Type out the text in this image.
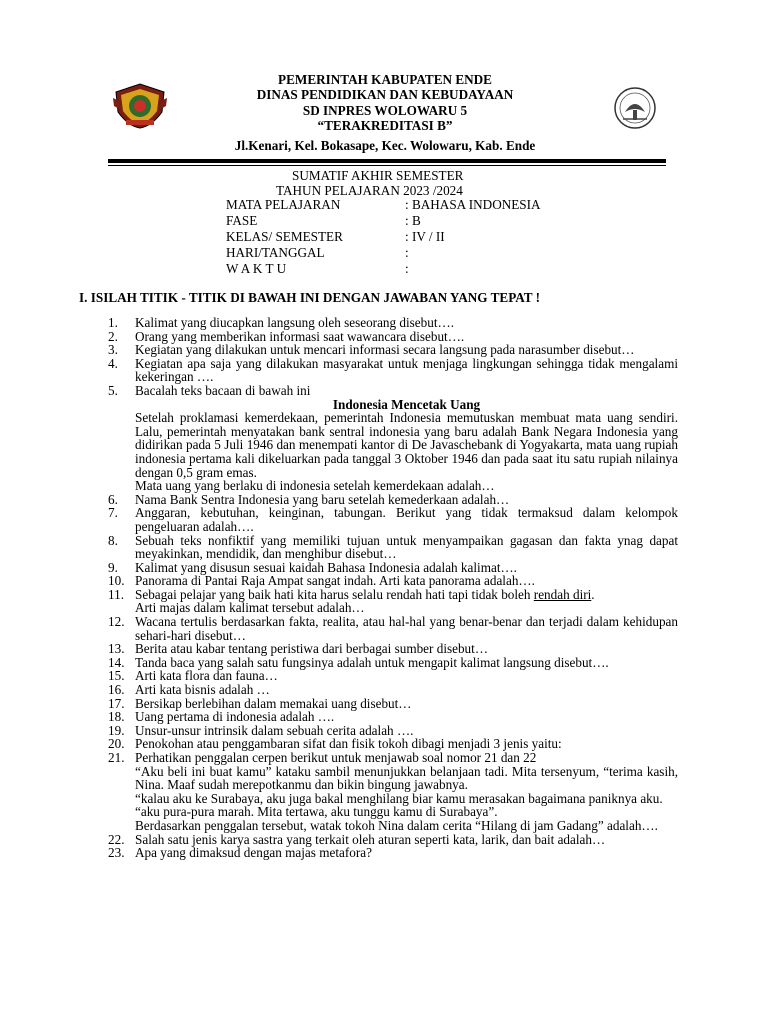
PEMERINTAH KABUPATEN ENDE
DINAS PENDIDIKAN DAN KEBUDAYAAN
SD INPRES WOLOWARU 5
“TERAKREDITASI B”
Jl.Kenari, Kel. Bokasape, Kec. Wolowaru, Kab. Ende
SUMATIF AKHIR SEMESTER
TAHUN PELAJARAN 2023 /2024
MATA PELAJARAN	: BAHASA INDONESIA
FASE	: B
KELAS/ SEMESTER	: IV / II
HARI/TANGGAL	:
W A K T U	:
I. ISILAH TITIK - TITIK DI BAWAH INI DENGAN JAWABAN YANG TEPAT !
1.	Kalimat yang diucapkan langsung oleh seseorang disebut….
2.	Orang yang memberikan informasi saat wawancara disebut….
3.	Kegiatan yang dilakukan untuk mencari informasi secara langsung pada narasumber disebut…
4.	Kegiatan apa saja yang dilakukan masyarakat untuk menjaga lingkungan sehingga tidak mengalami kekeringan ….
5.	Bacalah teks bacaan di bawah ini
Indonesia Mencetak Uang
Setelah proklamasi kemerdekaan, pemerintah Indonesia memutuskan membuat mata uang sendiri. Lalu, pemerintah menyatakan bank sentral indonesia yang baru adalah Bank Negara Indonesia yang didirikan pada 5 Juli 1946 dan menempati kantor di De Javaschebank di Yogyakarta, mata uang rupiah indonesia pertama kali dikeluarkan pada tanggal 3 Oktober 1946 dan pada saat itu satu rupiah nilainya dengan 0,5 gram emas.
Mata uang yang berlaku di indonesia setelah kemerdekaan adalah…
6.	Nama Bank Sentra Indonesia yang baru setelah kemederkaan adalah…
7.	Anggaran, kebutuhan, keinginan, tabungan. Berikut yang tidak termaksud dalam kelompok pengeluaran adalah….
8.	Sebuah teks nonfiktif yang memiliki tujuan untuk menyampaikan gagasan dan fakta ynag dapat meyakinkan, mendidik, dan menghibur disebut…
9.	Kalimat yang disusun sesuai kaidah Bahasa Indonesia adalah kalimat….
10. Panorama di Pantai Raja Ampat sangat indah. Arti kata panorama adalah….
11. Sebagai pelajar yang baik hati kita harus selalu rendah hati tapi tidak boleh rendah diri.
Arti majas dalam kalimat tersebut adalah…
12. Wacana tertulis berdasarkan fakta, realita, atau hal-hal yang benar-benar dan terjadi dalam kehidupan sehari-hari disebut…
13. Berita atau kabar tentang peristiwa dari berbagai sumber disebut…
14. Tanda baca yang salah satu fungsinya adalah untuk mengapit kalimat langsung disebut….
15. Arti kata flora dan fauna…
16. Arti kata bisnis adalah …
17. Bersikap berlebihan dalam memakai uang disebut…
18. Uang pertama di indonesia adalah ….
19. Unsur-unsur intrinsik dalam sebuah cerita adalah ….
20. Penokohan atau penggambaran sifat dan fisik tokoh dibagi menjadi 3 jenis yaitu:
21. Perhatikan penggalan cerpen berikut untuk menjawab soal nomor 21 dan 22
“Aku beli ini buat kamu” kataku sambil menunjukkan belanjaan tadi. Mita tersenyum, “terima kasih, Nina. Maaf sudah merepotkanmu dan bikin bingung jawabnya.
“kalau aku ke Surabaya, aku juga bakal menghilang biar kamu merasakan bagaimana paniknya aku.
“aku pura-pura marah. Mita tertawa, aku tunggu kamu di Surabaya”.
Berdasarkan penggalan tersebut, watak tokoh Nina dalam cerita “Hilang di jam Gadang” adalah….
22. Salah satu jenis karya sastra yang terkait oleh aturan seperti kata, larik, dan bait adalah…
23. Apa yang dimaksud dengan majas metafora?
